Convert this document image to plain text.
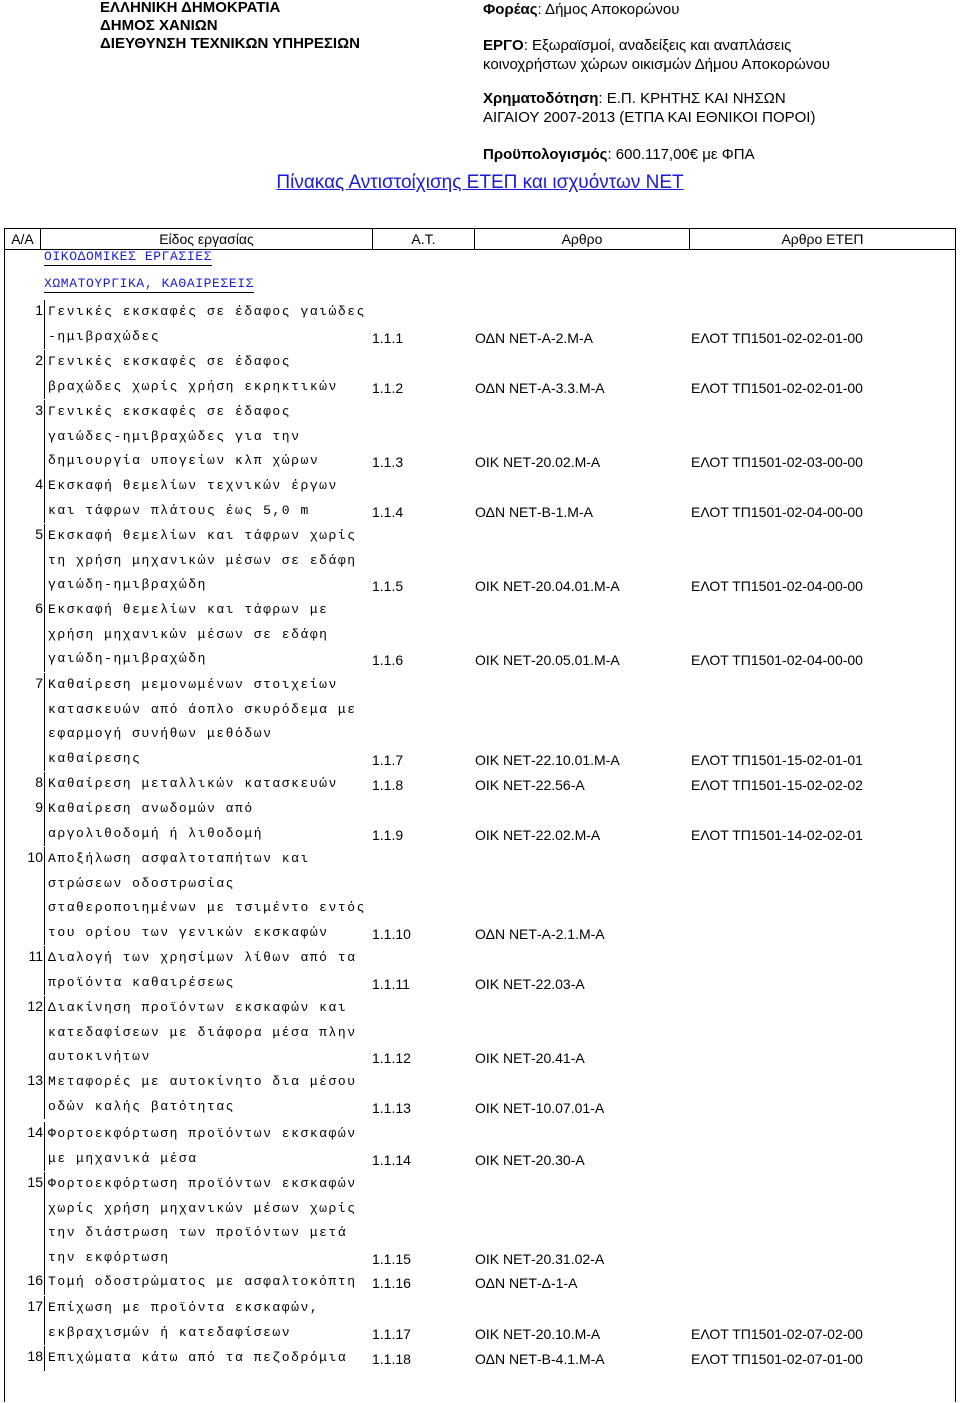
ΕΛΛΗΝΙΚΗ ΔΗΜΟΚΡΑΤΙΑ
ΔΗΜΟΣ ΧΑΝΙΩΝ
ΔΙΕΥΘΥΝΣΗ ΤΕΧΝΙΚΩΝ ΥΠΗΡΕΣΙΩΝ
Φορέας: Δήμος Αποκορώνου
ΕΡΓΟ: Εξωραϊσμοί, αναδείξεις και αναπλάσεις
κοινοχρήστων χώρων οικισμών Δήμου Αποκορώνου
Χρηματοδότηση: Ε.Π. ΚΡΗΤΗΣ ΚΑΙ ΝΗΣΩΝ
ΑΙΓΑΙΟΥ 2007-2013 (ΕΤΠΑ ΚΑΙ ΕΘΝΙΚΟΙ ΠΟΡΟΙ)
Προϋπολογισμός: 600.117,00€ με ΦΠΑ
Πίνακας Αντιστοίχισης ΕΤΕΠ και ισχυόντων ΝΕΤ
Α/Α	Είδος εργασίας	Α.Τ.	Αρθρο	Αρθρο ΕΤΕΠ
ΟΙΚΟΔΟΜΙΚΕΣ ΕΡΓΑΣΙΕΣ
ΧΩΜΑΤΟΥΡΓΙΚΑ, ΚΑΘΑΙΡΕΣΕΙΣ
1 Γενικές εκσκαφές σε έδαφος γαιώδες
-ημιβραχώδες	1.1.1	ΟΔΝ ΝΕΤ-Α-2.Μ-Α	ΕΛΟΤ ΤΠ1501-02-02-01-00
2 Γενικές εκσκαφές σε έδαφος
βραχώδες χωρίς χρήση εκρηκτικών 1.1.2	ΟΔΝ ΝΕΤ-Α-3.3.Μ-Α	ΕΛΟΤ ΤΠ1501-02-02-01-00
3 Γενικές εκσκαφές σε έδαφος
γαιώδες-ημιβραχώδες για την
δημιουργία υπογείων κλπ χώρων	1.1.3	ΟΙΚ ΝΕΤ-20.02.Μ-Α	ΕΛΟΤ ΤΠ1501-02-03-00-00
4 Εκσκαφή θεμελίων τεχνικών έργων
και τάφρων πλάτους έως 5,0 m	1.1.4	ΟΔΝ ΝΕΤ-Β-1.Μ-Α	ΕΛΟΤ ΤΠ1501-02-04-00-00
5 Εκσκαφή θεμελίων και τάφρων χωρίς
τη χρήση μηχανικών μέσων σε εδάφη
γαιώδη-ημιβραχώδη	1.1.5	ΟΙΚ ΝΕΤ-20.04.01.Μ-Α	ΕΛΟΤ ΤΠ1501-02-04-00-00
6 Εκσκαφή θεμελίων και τάφρων με
χρήση μηχανικών μέσων σε εδάφη
γαιώδη-ημιβραχώδη	1.1.6	ΟΙΚ ΝΕΤ-20.05.01.Μ-Α	ΕΛΟΤ ΤΠ1501-02-04-00-00
7 Καθαίρεση μεμονωμένων στοιχείων
κατασκευών από άοπλο σκυρόδεμα με
εφαρμογή συνήθων μεθόδων
καθαίρεσης	1.1.7	ΟΙΚ ΝΕΤ-22.10.01.Μ-Α	ΕΛΟΤ ΤΠ1501-15-02-01-01
8 Καθαίρεση μεταλλικών κατασκευών 1.1.8	ΟΙΚ ΝΕΤ-22.56-Α	ΕΛΟΤ ΤΠ1501-15-02-02-02
9 Καθαίρεση ανωδομών από
αργολιθοδομή ή λιθοδομή	1.1.9	ΟΙΚ ΝΕΤ-22.02.Μ-Α	ΕΛΟΤ ΤΠ1501-14-02-02-01
10 Αποξήλωση ασφαλτοταπήτων και
στρώσεων οδοστρωσίας
σταθεροποιημένων με τσιμέντο εντός
του ορίου των γενικών εκσκαφών	1.1.10	ΟΔΝ ΝΕΤ-Α-2.1.Μ-Α
11 Διαλογή των χρησίμων λίθων από τα
προϊόντα καθαιρέσεως	1.1.11	ΟΙΚ ΝΕΤ-22.03-Α
12 Διακίνηση προϊόντων εκσκαφών και
κατεδαφίσεων με διάφορα μέσα πλην
αυτοκινήτων	1.1.12	ΟΙΚ ΝΕΤ-20.41-Α
13 Μεταφορές με αυτοκίνητο δια μέσου
οδών καλής βατότητας	1.1.13	ΟΙΚ ΝΕΤ-10.07.01-Α
14 Φορτοεκφόρτωση προϊόντων εκσκαφών
με μηχανικά μέσα	1.1.14	ΟΙΚ ΝΕΤ-20.30-Α
15 Φορτοεκφόρτωση προϊόντων εκσκαφών
χωρίς χρήση μηχανικών μέσων χωρίς
την διάστρωση των προϊόντων μετά
την εκφόρτωση	1.1.15	ΟΙΚ ΝΕΤ-20.31.02-Α
16 Τομή οδοστρώματος με ασφαλτοκόπτη 1.1.16	ΟΔΝ ΝΕΤ-Δ-1-Α
17 Επίχωση με προϊόντα εκσκαφών,
εκβραχισμών ή κατεδαφίσεων	1.1.17	ΟΙΚ ΝΕΤ-20.10.Μ-Α	ΕΛΟΤ ΤΠ1501-02-07-02-00
18 Επιχώματα κάτω από τα πεζοδρόμια 1.1.18	ΟΔΝ ΝΕΤ-Β-4.1.Μ-Α	ΕΛΟΤ ΤΠ1501-02-07-01-00
